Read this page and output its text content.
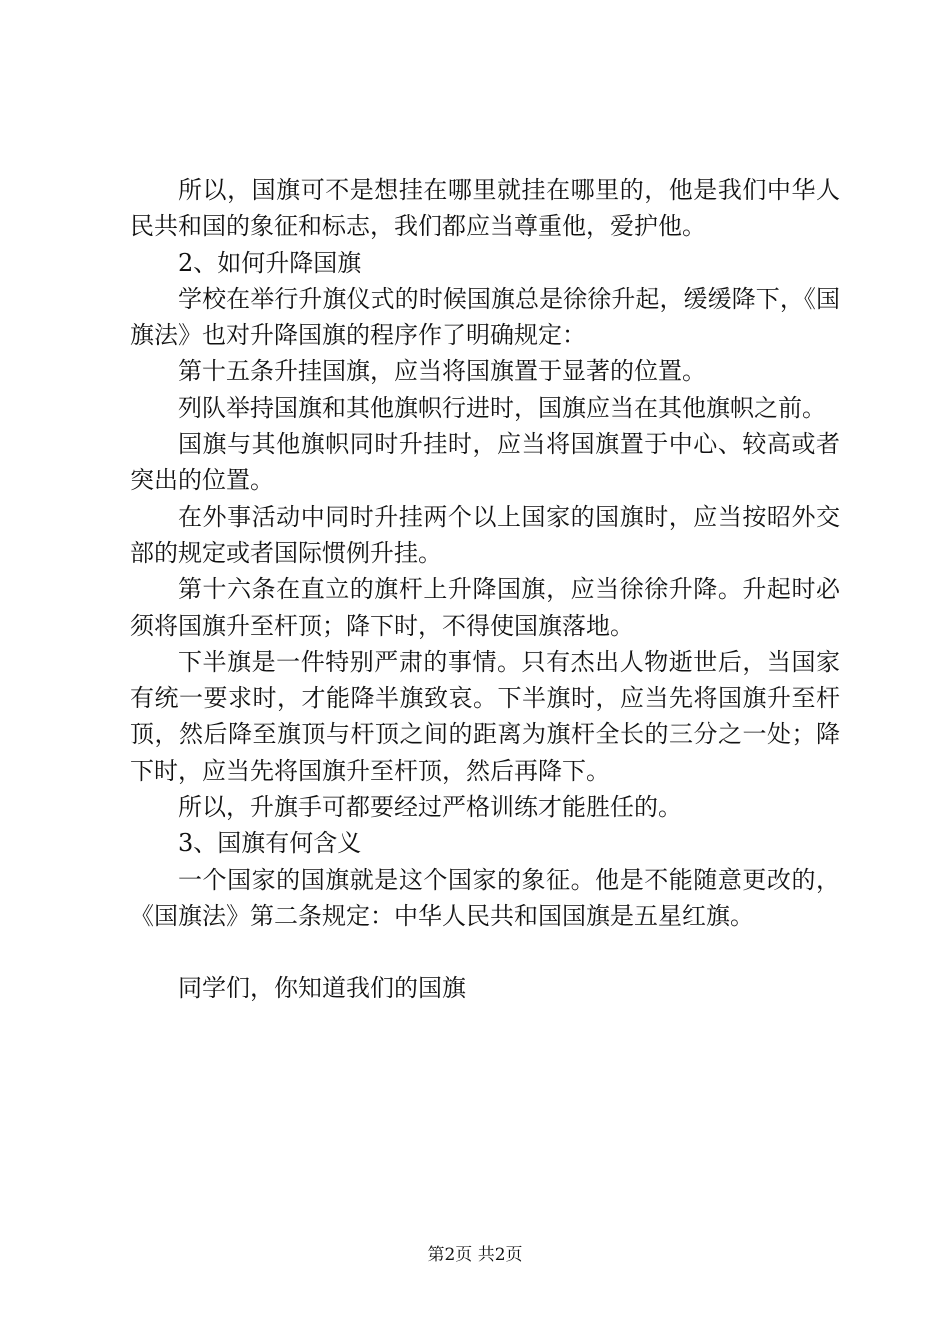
所以，国旗可不是想挂在哪里就挂在哪里的，他是我们中华人民共和国的象征和标志，我们都应当尊重他，爱护他。

2、如何升降国旗

学校在举行升旗仪式的时候国旗总是徐徐升起，缓缓降下，《国旗法》也对升降国旗的程序作了明确规定：

第十五条升挂国旗，应当将国旗置于显著的位置。

列队举持国旗和其他旗帜行进时，国旗应当在其他旗帜之前。

国旗与其他旗帜同时升挂时，应当将国旗置于中心、较高或者突出的位置。

在外事活动中同时升挂两个以上国家的国旗时，应当按昭外交部的规定或者国际惯例升挂。

第十六条在直立的旗杆上升降国旗，应当徐徐升降。升起时必须将国旗升至杆顶；降下时，不得使国旗落地。

下半旗是一件特别严肃的事情。只有杰出人物逝世后，当国家有统一要求时，才能降半旗致哀。下半旗时，应当先将国旗升至杆顶，然后降至旗顶与杆顶之间的距离为旗杆全长的三分之一处；降下时，应当先将国旗升至杆顶，然后再降下。

所以，升旗手可都要经过严格训练才能胜任的。

3、国旗有何含义

一个国家的国旗就是这个国家的象征。他是不能随意更改的，《国旗法》第二条规定：中华人民共和国国旗是五星红旗。

同学们，你知道我们的国旗

第2页 共2页
